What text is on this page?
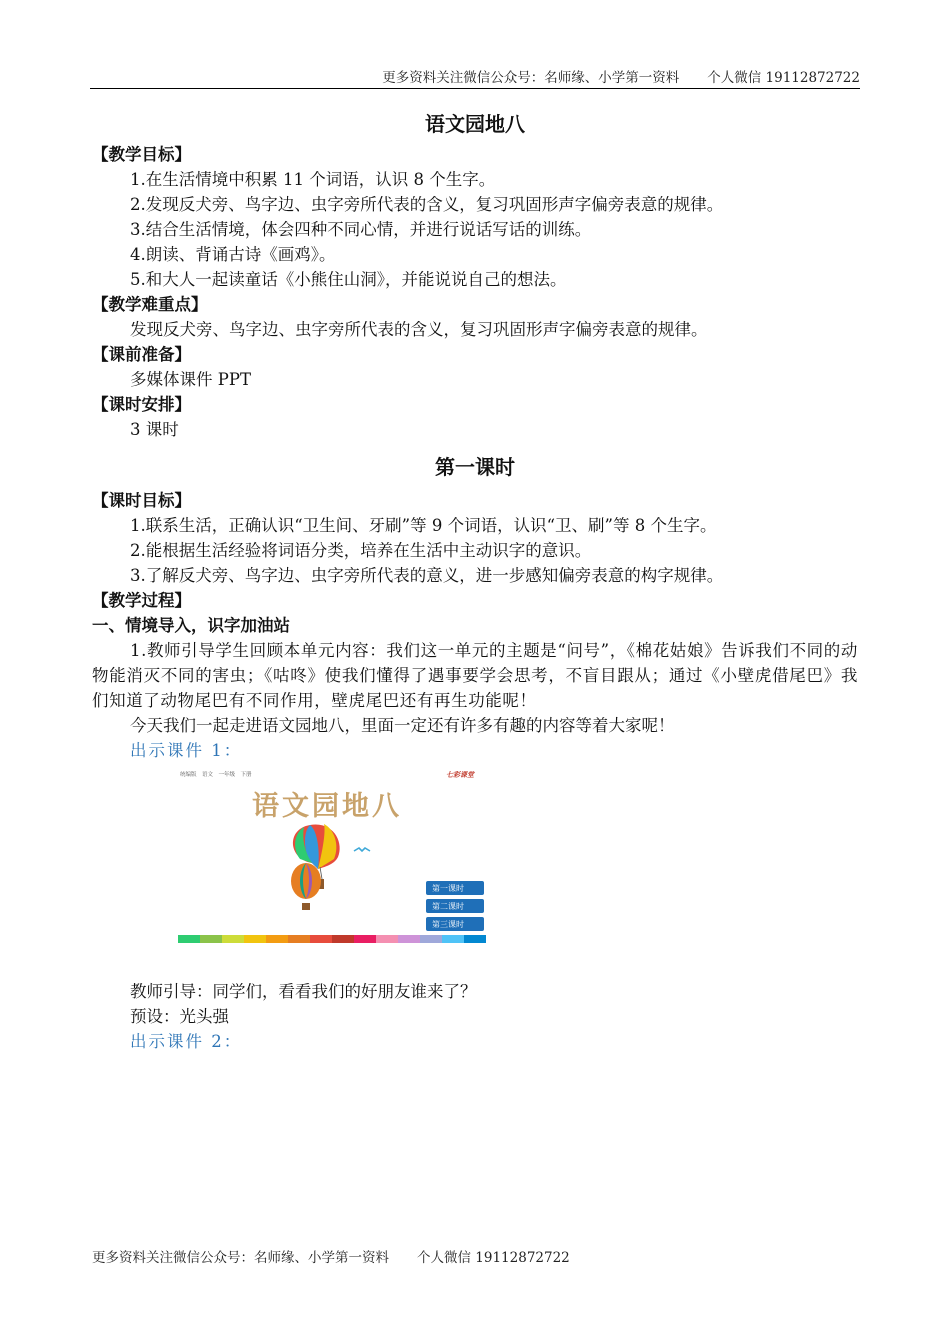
更多资料关注微信公众号：名师缘、小学第一资料 个人微信 19112872722
语文园地八
【教学目标】
1.在生活情境中积累 11 个词语，认识 8 个生字。
2.发现反犬旁、鸟字边、虫字旁所代表的含义，复习巩固形声字偏旁表意的规律。
3.结合生活情境，体会四种不同心情，并进行说话写话的训练。
4.朗读、背诵古诗《画鸡》。
5.和大人一起读童话《小熊住山洞》，并能说说自己的想法。
【教学难重点】
发现反犬旁、鸟字边、虫字旁所代表的含义，复习巩固形声字偏旁表意的规律。
【课前准备】
多媒体课件 PPT
【课时安排】
3 课时
第一课时
【课时目标】
1.联系生活，正确认识“卫生间、牙刷”等 9 个词语，认识“卫、刷”等 8 个生字。
2.能根据生活经验将词语分类，培养在生活中主动识字的意识。
3.了解反犬旁、鸟字边、虫字旁所代表的意义，进一步感知偏旁表意的构字规律。
【教学过程】
一、情境导入，识字加油站
1.教师引导学生回顾本单元内容：我们这一单元的主题是“问号”，《棉花姑娘》告诉我们不同的动物能消灭不同的害虫；《咕咚》使我们懂得了遇事要学会思考，不盲目跟从；通过《小壁虎借尾巴》我们知道了动物尾巴有不同作用，壁虎尾巴还有再生功能呢！
今天我们一起走进语文园地八，里面一定还有许多有趣的内容等着大家呢！
出示课件 1：
统编版　语文　一年级　下册	七彩课堂
语文园地八
第一课时
第二课时
第三课时
教师引导：同学们，看看我们的好朋友谁来了？
预设：光头强
出示课件 2：
更多资料关注微信公众号：名师缘、小学第一资料 个人微信 19112872722
